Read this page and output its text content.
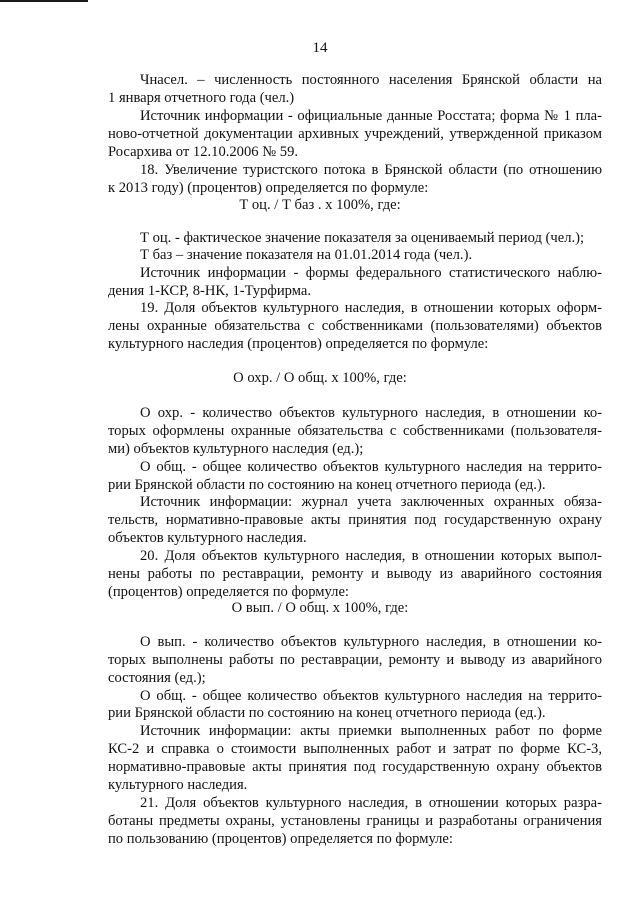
14
Чнасел. – численность постоянного населения Брянской области на
1 января отчетного года (чел.)
Источник информации - официальные данные Росстата; форма № 1 пла-
ново-отчетной документации архивных учреждений, утвержденной приказом
Росархива от 12.10.2006 № 59.
18. Увеличение туристского потока в Брянской области (по отношению
к 2013 году) (процентов) определяется по формуле:
Т оц. - фактическое значение показателя за оцениваемый период (чел.);
Т баз – значение показателя на 01.01.2014 года (чел.).
Источник информации - формы федерального статистического наблю-
дения 1-КСР, 8-НК, 1-Турфирма.
19. Доля объектов культурного наследия, в отношении которых оформ-
лены охранные обязательства с собственниками (пользователями) объектов
культурного наследия (процентов) определяется по формуле:
О охр. - количество объектов культурного наследия, в отношении ко-
торых оформлены охранные обязательства с собственниками (пользователя-
ми) объектов культурного наследия (ед.);
О общ. - общее количество объектов культурного наследия на террито-
рии Брянской области по состоянию на конец отчетного периода (ед.).
Источник информации: журнал учета заключенных охранных обяза-
тельств, нормативно-правовые акты принятия под государственную охрану
объектов культурного наследия.
20. Доля объектов культурного наследия, в отношении которых выпол-
нены работы по реставрации, ремонту и выводу из аварийного состояния
(процентов) определяется по формуле:
О вып. - количество объектов культурного наследия, в отношении ко-
торых выполнены работы по реставрации, ремонту и выводу из аварийного
состояния (ед.);
О общ. - общее количество объектов культурного наследия на террито-
рии Брянской области по состоянию на конец отчетного периода (ед.).
Источник информации: акты приемки выполненных работ по форме
КС-2 и справка о стоимости выполненных работ и затрат по форме КС-3,
нормативно-правовые акты принятия под государственную охрану объектов
культурного наследия.
21. Доля объектов культурного наследия, в отношении которых разра-
ботаны предметы охраны, установлены границы и разработаны ограничения
по пользованию (процентов) определяется по формуле:
Т оц. / Т баз . х 100%, где:
О охр. / О общ. х 100%, где:
О вып. / О общ. х 100%, где:
